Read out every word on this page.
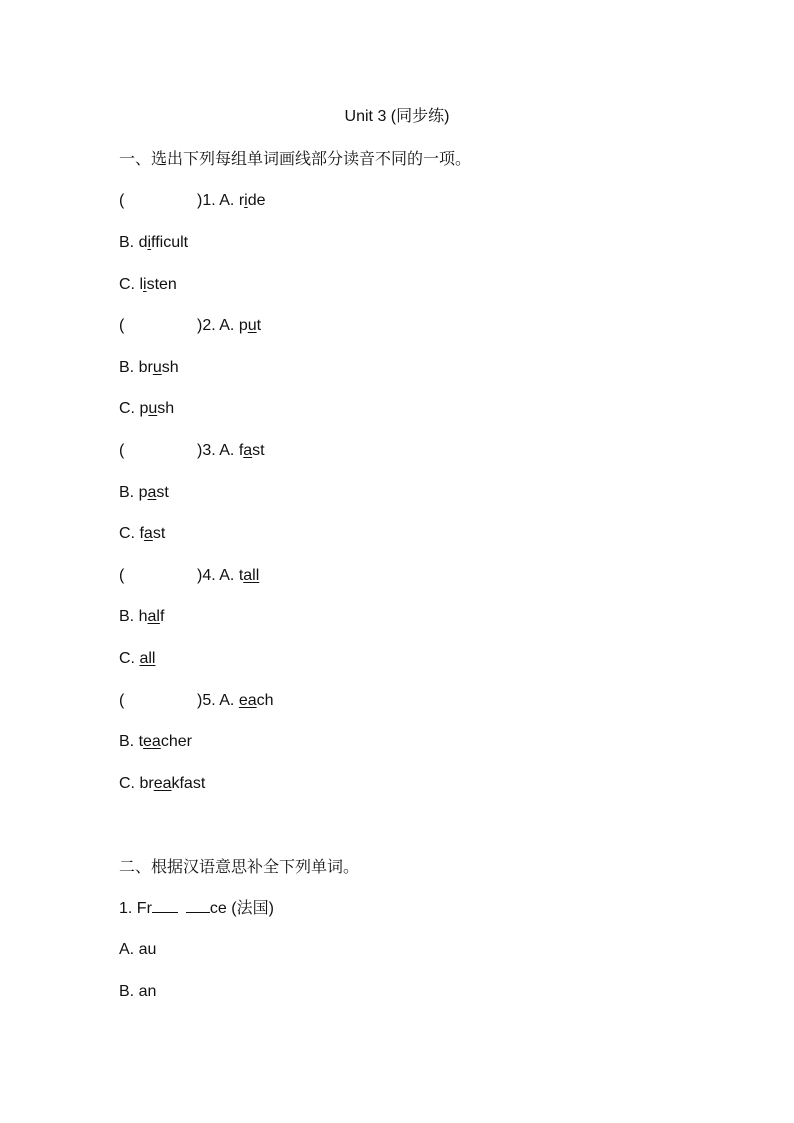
Unit 3 (同步练)
一、选出下列每组单词画线部分读音不同的一项。
(	)1. A. ride
B. difficult
C. listen
(	)2. A. put
B. brush
C. push
(	)3. A. fast
B. past
C. fast
(	)4. A. tall
B. half
C. all
(	)5. A. each
B. teacher
C. breakfast
二、根据汉语意思补全下列单词。
1. Fr	ce (法国)
A. au
B. an
